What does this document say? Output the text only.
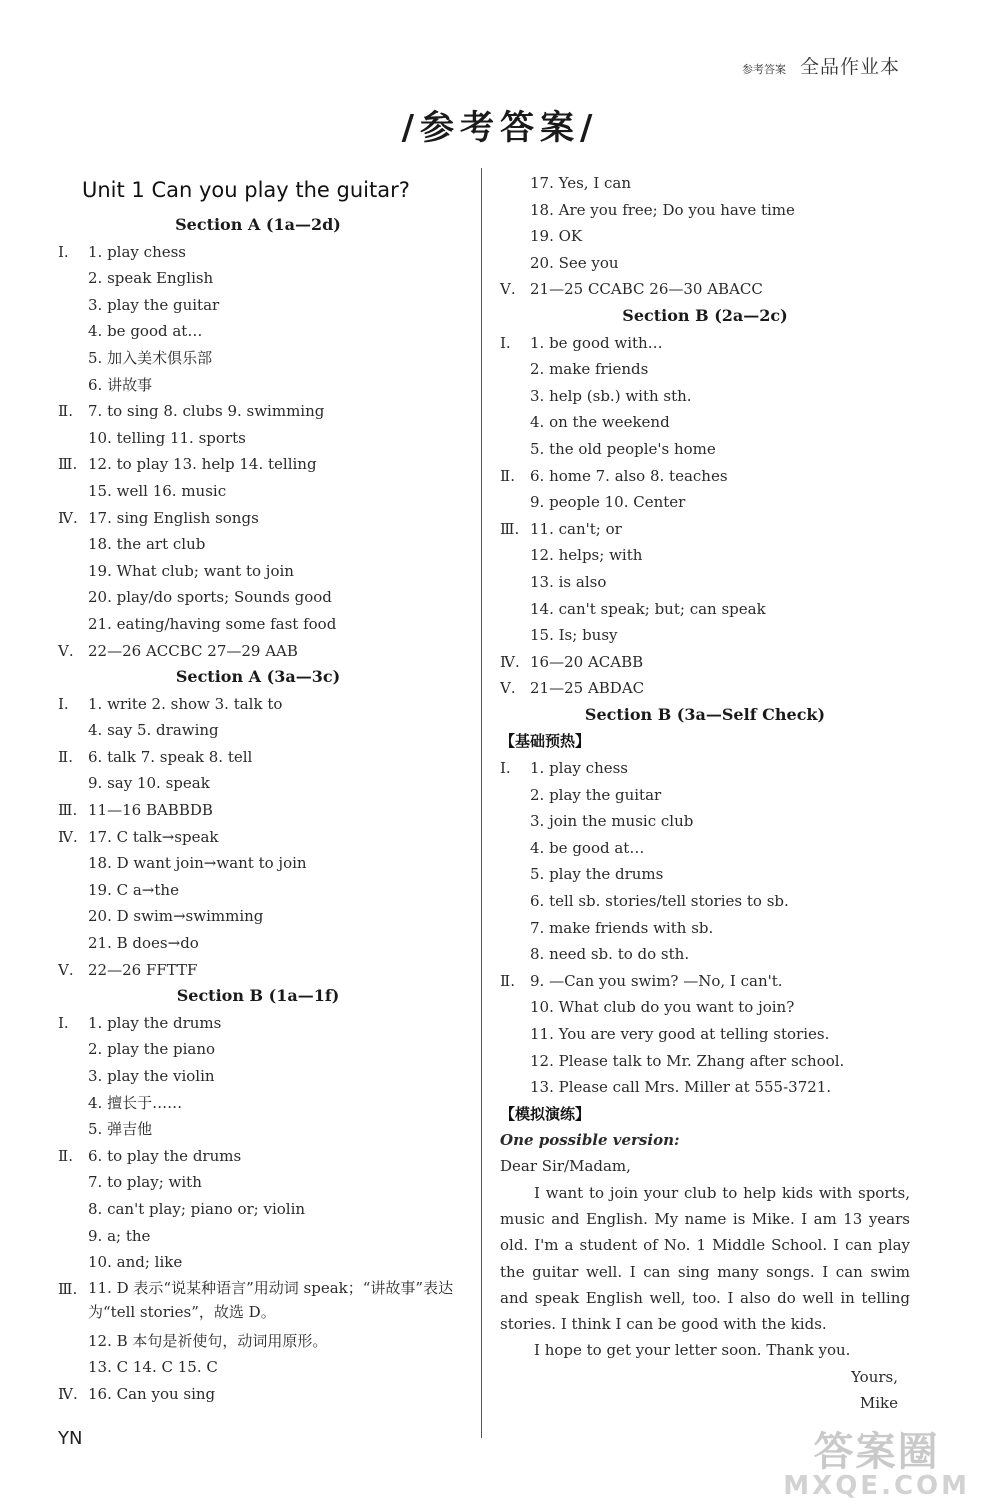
参考答案 全品作业本
/参考答案/
Unit 1 Can you play the guitar?
Section A (1a—2d)
Ⅰ.	1. play chess
2. speak English
3. play the guitar
4. be good at…
5. 加入美术俱乐部
6. 讲故事
Ⅱ.	7. to sing 8. clubs 9. swimming
10. telling 11. sports
Ⅲ. 12. to play 13. help 14. telling
15. well 16. music
Ⅳ. 17. sing English songs
18. the art club
19. What club; want to join
20. play/do sports; Sounds good
21. eating/having some fast food
Ⅴ. 22—26 ACCBC 27—29 AAB
Section A (3a—3c)
Ⅰ.	1. write 2. show 3. talk to
4. say 5. drawing
Ⅱ.	6. talk 7. speak 8. tell
9. say 10. speak
Ⅲ. 11—16 BABBDB
Ⅳ. 17. C talk→speak
18. D want join→want to join
19. C a→the
20. D swim→swimming
21. B does→do
Ⅴ. 22—26 FFTTF
Section B (1a—1f)
Ⅰ.	1. play the drums
2. play the piano
3. play the violin
4. 擅长于……
5. 弹吉他
Ⅱ.	6. to play the drums
7. to play; with
8. can't play; piano or; violin
9. a; the
10. and; like
Ⅲ. 11. D 表示“说某种语言”用动词 speak；“讲故事”表达为“tell stories”，故选 D。
12. B 本句是祈使句，动词用原形。
13. C 14. C 15. C
Ⅳ. 16. Can you sing
17. Yes, I can
18. Are you free; Do you have time
19. OK
20. See you
Ⅴ. 21—25 CCABC 26—30 ABACC
Section B (2a—2c)
Ⅰ.	1. be good with…
2. make friends
3. help (sb.) with sth.
4. on the weekend
5. the old people's home
Ⅱ.	6. home 7. also 8. teaches
9. people 10. Center
Ⅲ. 11. can't; or
12. helps; with
13. is also
14. can't speak; but; can speak
15. Is; busy
Ⅳ. 16—20 ACABB
Ⅴ. 21—25 ABDAC
Section B (3a—Self Check)
【基础预热】
Ⅰ.	1. play chess
2. play the guitar
3. join the music club
4. be good at…
5. play the drums
6. tell sb. stories/tell stories to sb.
7. make friends with sb.
8. need sb. to do sth.
Ⅱ.	9. —Can you swim? —No, I can't.
10. What club do you want to join?
11. You are very good at telling stories.
12. Please talk to Mr. Zhang after school.
13. Please call Mrs. Miller at 555-3721.
【模拟演练】
One possible version:

Dear Sir/Madam,

I want to join your club to help kids with sports, music and English. My name is Mike. I am 13 years old. I'm a student of No. 1 Middle School. I can play the guitar well. I can sing many songs. I can swim and speak English well, too. I also do well in telling stories. I think I can be good with the kids.

I hope to get your letter soon. Thank you.

Yours,

Mike

YN	答案圈
MXQE.COM
